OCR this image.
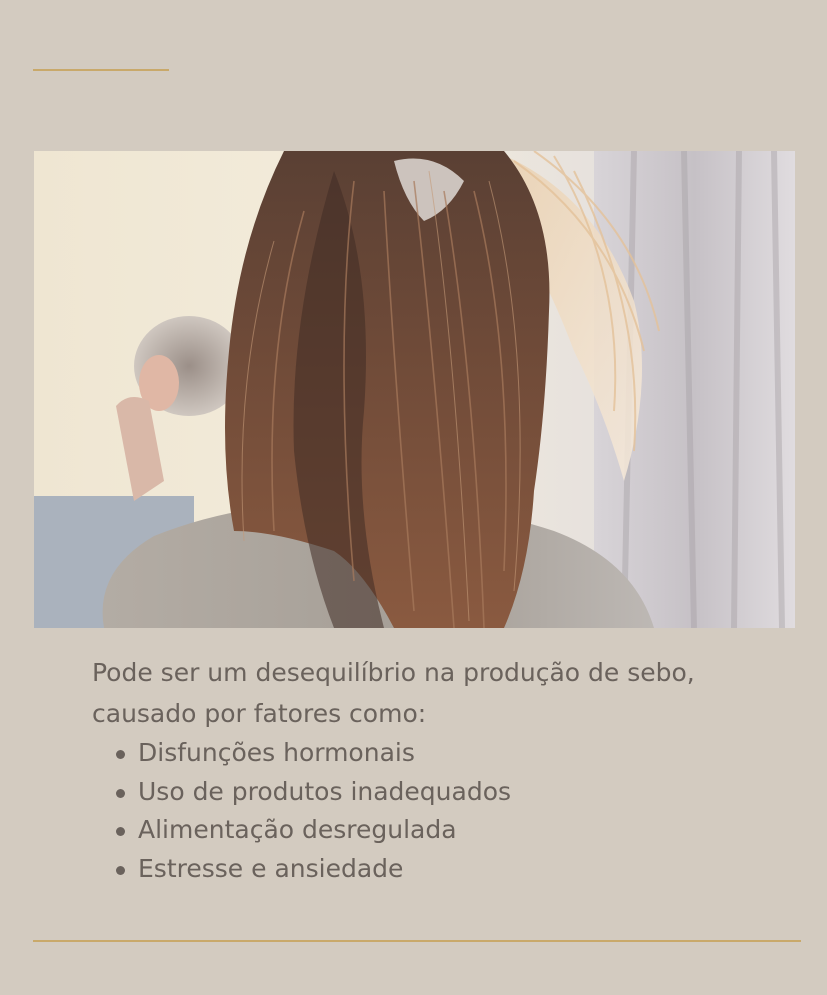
Pode ser um desequilíbrio na produção de sebo, causado por fatores como:

Disfunções hormonais
Uso de produtos inadequados
Alimentação desregulada
Estresse e ansiedade
